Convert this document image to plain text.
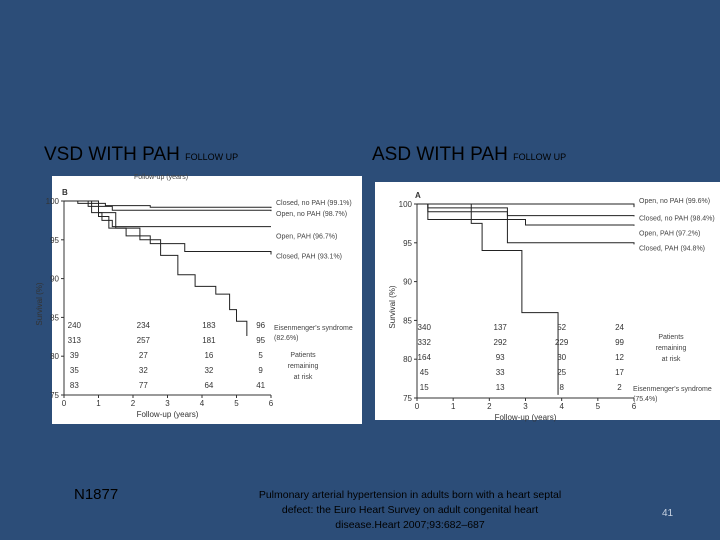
VSD WITH PAH FOLLOW UP	ASD WITH PAH FOLLOW UP
B
Follow-up (years)
75
80
85
90
95
100
0	1	2	3	4	5	6
Follow-up (years)
Survival (%)
Closed, no PAH (99.1%)
Open, no PAH (98.7%)
Open, PAH (96.7%)
Closed, PAH (93.1%)
240	234	183	96
313	257	181	95
39	27	16	5
35	32	32	9
83	77	64	41
Patients
remaining
at risk
Eisenmenger's syndrome
(82.6%)
A
75
80
85
90
95
100
0	1	2	3	4	5	6
Follow-up (years)
Survival (%)
Open, no PAH (99.6%)
Closed, no PAH (98.4%)
Open, PAH (97.2%)
Closed, PAH (94.8%)
340	137	52	24
332	292	229	99
164	93	30	12
45	33	25	17
15	13	8	2
Patients
remaining
at risk
Eisenmenger's syndrome
(75.4%)
N1877	Pulmonary arterial hypertension in adults born with a heart septal defect: the Euro Heart Survey on adult congenital heart disease.Heart 2007;93:682–687
41
